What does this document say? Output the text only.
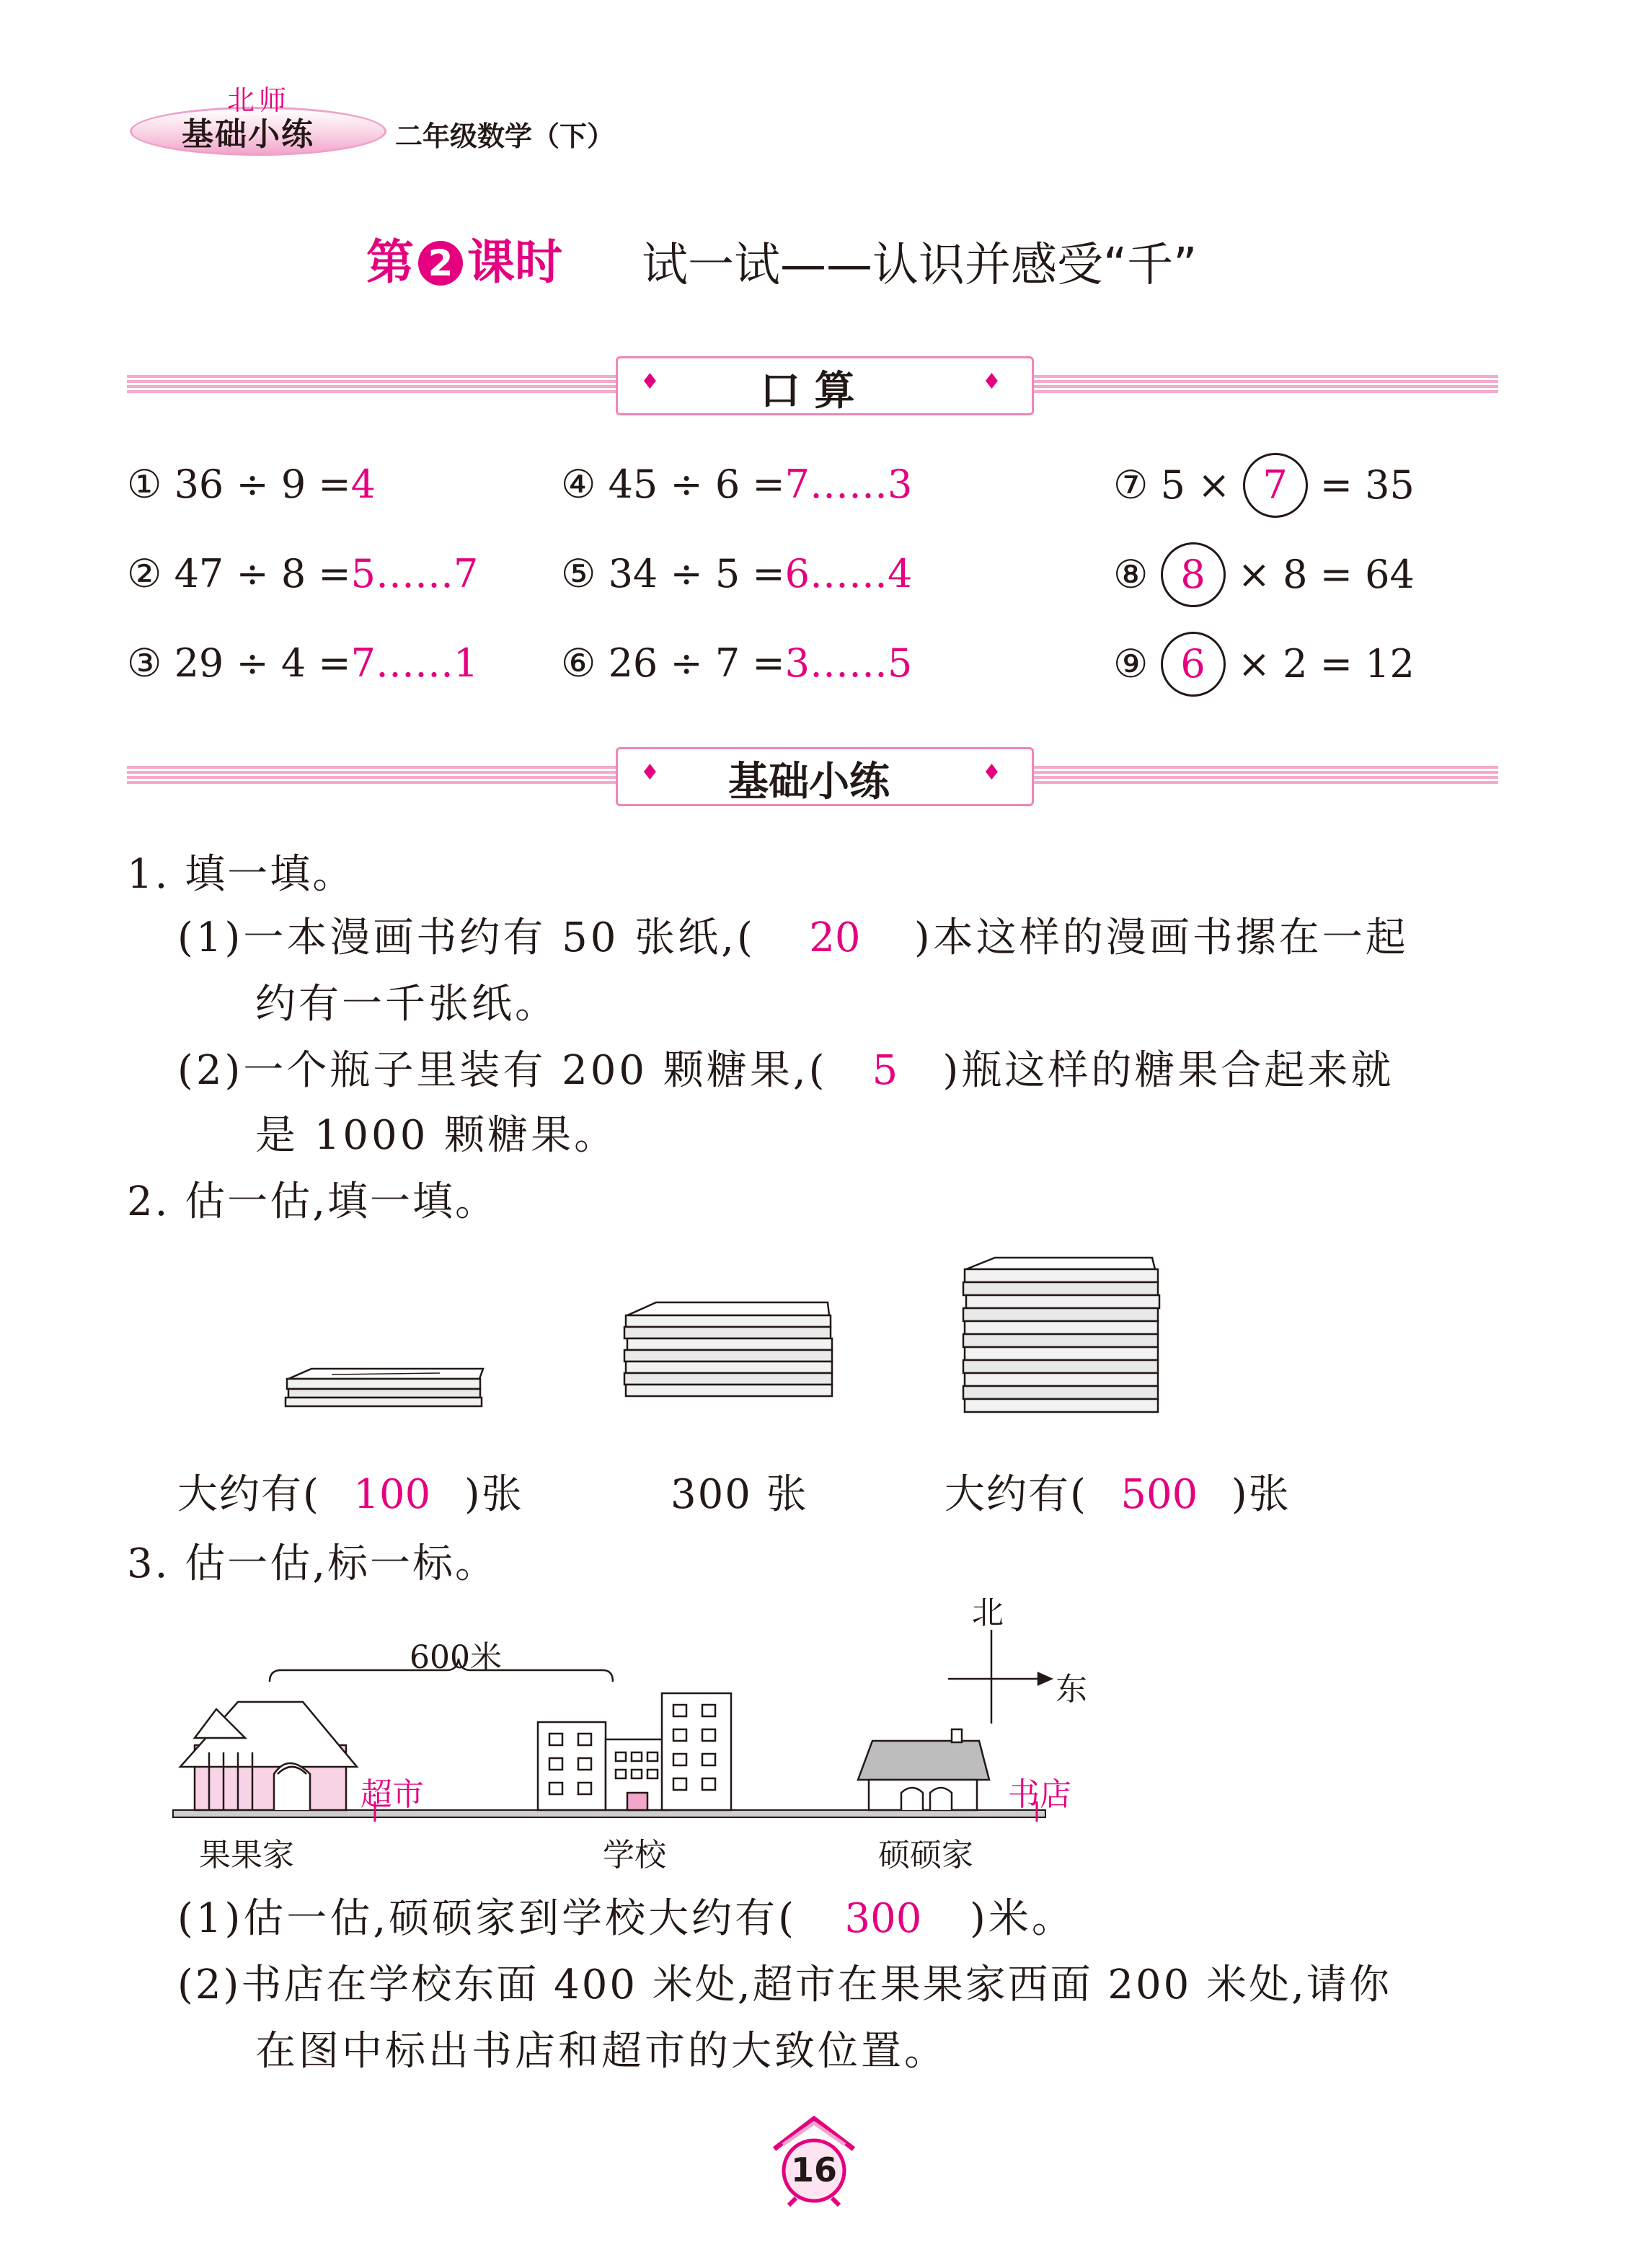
北师
基础小练	二年级数学（下）
第 2 课时 试一试——认识并感受“千”
♦	♦
口 算
① 36 ÷ 9 =4
② 47 ÷ 8 =5……7
③ 29 ÷ 4 =7……1
④ 45 ÷ 6 =7……3
⑤ 34 ÷ 5 =6……4
⑥ 26 ÷ 7 =3……5
⑦ 5 × 7 = 35
⑧ 8 × 8 = 64
⑨ 6 × 2 = 12
♦	♦
基础小练
1. 填一填。
(1)一本漫画书约有 50 张纸,( 20 )本这样的漫画书摞在一起
约有一千张纸。
(2)一个瓶子里装有 200 颗糖果,( 5 )瓶这样的糖果合起来就
是 1000 颗糖果。
2. 估一估,填一填。
大约有( 100 )张	300 张	大约有( 500 )张
3. 估一估,标一标。
600米
北
东
超市	书店
果果家	学校	硕硕家
(1)估一估,硕硕家到学校大约有( 300 )米。
(2)书店在学校东面 400 米处,超市在果果家西面 200 米处,请你
在图中标出书店和超市的大致位置。
16
